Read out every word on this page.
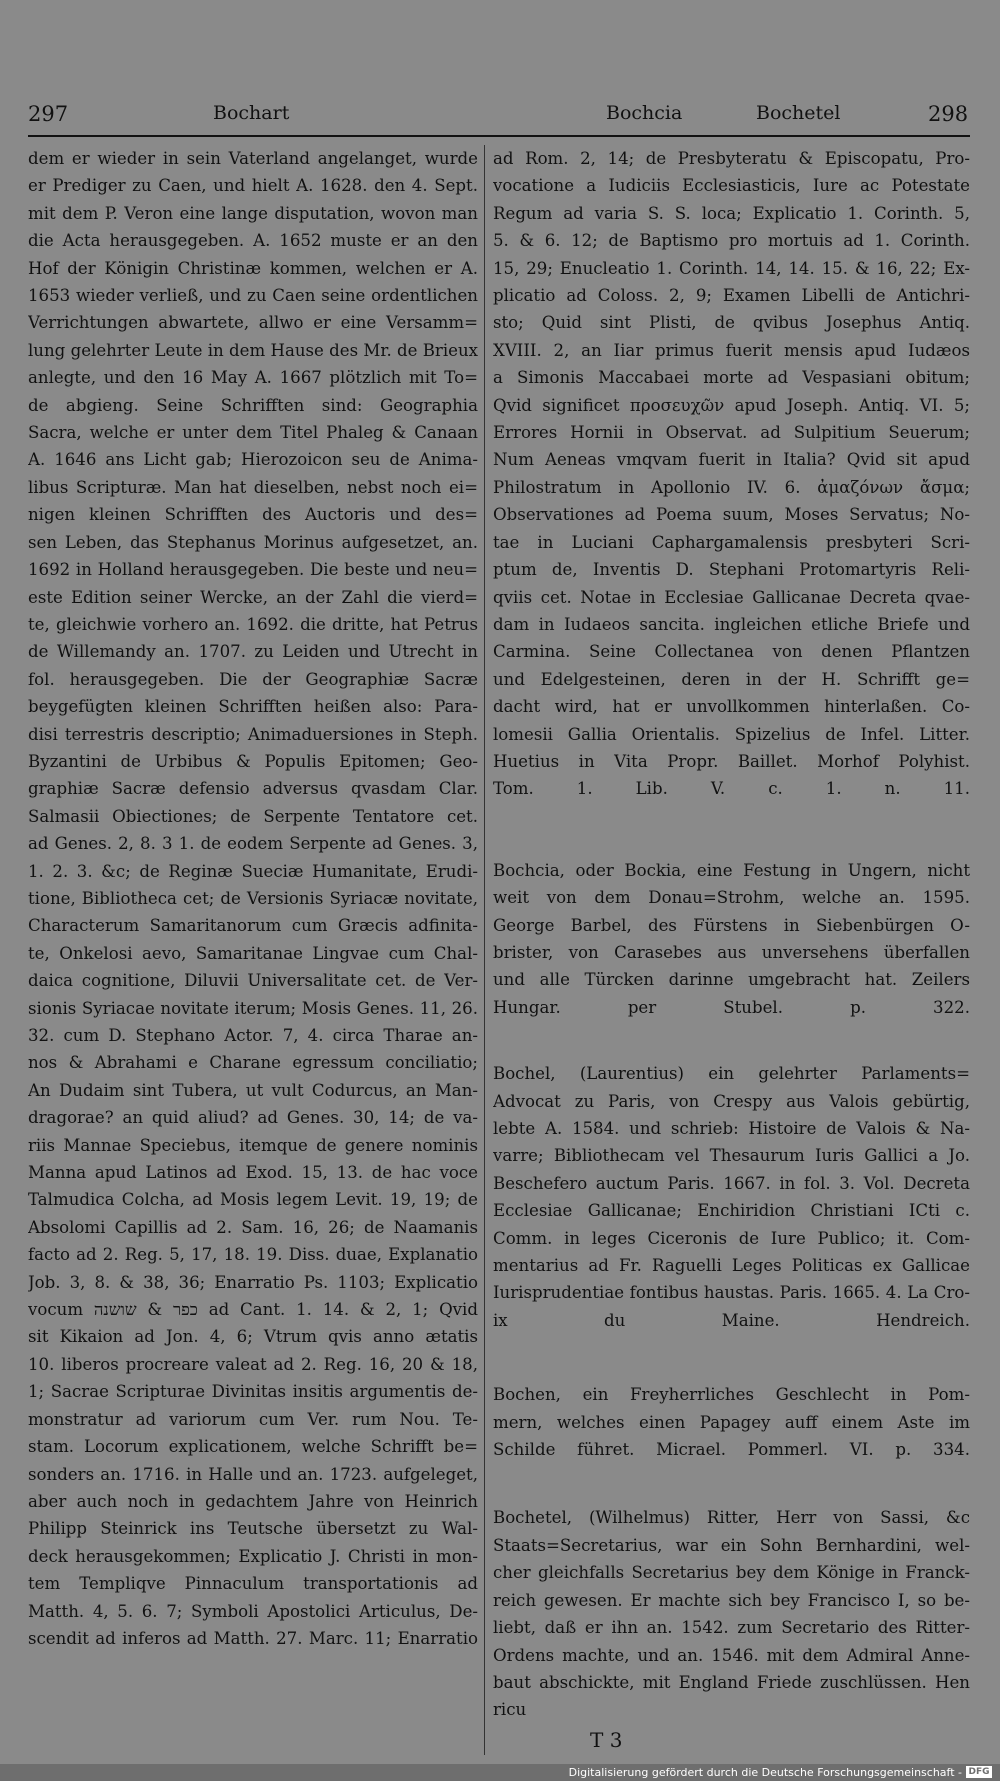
297	Bochart	Bochcia	Bochetel	298
dem er wieder in sein Vaterland angelanget, wurde
er Prediger zu Caen, und hielt A. 1628. den 4. Sept.
mit dem P. Veron eine lange disputation, wovon man
die Acta herausgegeben. A. 1652 muste er an den
Hof der Königin Christinæ kommen, welchen er A.
1653 wieder verließ, und zu Caen seine ordentlichen
Verrichtungen abwartete, allwo er eine Versamm=
lung gelehrter Leute in dem Hause des Mr. de Brieux
anlegte, und den 16 May A. 1667 plötzlich mit To=
de abgieng. Seine Schrifften sind: Geographia
Sacra, welche er unter dem Titel Phaleg & Canaan
A. 1646 ans Licht gab; Hierozoicon seu de Anima-
libus Scripturæ. Man hat dieselben, nebst noch ei=
nigen kleinen Schrifften des Auctoris und des=
sen Leben, das Stephanus Morinus aufgesetzet, an.
1692 in Holland herausgegeben. Die beste und neu=
este Edition seiner Wercke, an der Zahl die vierd=
te, gleichwie vorhero an. 1692. die dritte, hat Petrus
de Willemandy an. 1707. zu Leiden und Utrecht in
fol. herausgegeben. Die der Geographiæ Sacræ
beygefügten kleinen Schrifften heißen also: Para-
disi terrestris descriptio; Animaduersiones in Steph.
Byzantini de Urbibus & Populis Epitomen; Geo-
graphiæ Sacræ defensio adversus qvasdam Clar.
Salmasii Obiectiones; de Serpente Tentatore cet.
ad Genes. 2, 8. 3 1. de eodem Serpente ad Genes. 3,
1. 2. 3. &c; de Reginæ Sueciæ Humanitate, Erudi-
tione, Bibliotheca cet; de Versionis Syriacæ novitate,
Characterum Samaritanorum cum Græcis adfinita-
te, Onkelosi aevo, Samaritanae Lingvae cum Chal-
daica cognitione, Diluvii Universalitate cet. de Ver-
sionis Syriacae novitate iterum; Mosis Genes. 11, 26.
32. cum D. Stephano Actor. 7, 4. circa Tharae an-
nos & Abrahami e Charane egressum conciliatio;
An Dudaim sint Tubera, ut vult Codurcus, an Man-
dragorae? an quid aliud? ad Genes. 30, 14; de va-
riis Mannae Speciebus, itemque de genere nominis
Manna apud Latinos ad Exod. 15, 13. de hac voce
Talmudica Colcha, ad Mosis legem Levit. 19, 19; de
Absolomi Capillis ad 2. Sam. 16, 26; de Naamanis
facto ad 2. Reg. 5, 17, 18. 19. Diss. duae, Explanatio
Job. 3, 8. & 38, 36; Enarratio Ps. 1103; Explicatio
vocum כפר & שושנה ad Cant. 1. 14. & 2, 1; Qvid
sit Kikaion ad Jon. 4, 6; Vtrum qvis anno ætatis
10. liberos procreare valeat ad 2. Reg. 16, 20 & 18,
1; Sacrae Scripturae Divinitas insitis argumentis de-
monstratur ad variorum cum Ver. rum Nou. Te-
stam. Locorum explicationem, welche Schrifft be=
sonders an. 1716. in Halle und an. 1723. aufgeleget,
aber auch noch in gedachtem Jahre von Heinrich
Philipp Steinrick ins Teutsche übersetzt zu Wal-
deck herausgekommen; Explicatio J. Christi in mon-
tem Templiqve Pinnaculum transportationis ad
Matth. 4, 5. 6. 7; Symboli Apostolici Articulus, De-
scendit ad inferos ad Matth. 27. Marc. 11; Enarratio
ad Rom. 2, 14; de Presbyteratu & Episcopatu, Pro-
vocatione a Iudiciis Ecclesiasticis, Iure ac Potestate
Regum ad varia S. S. loca; Explicatio 1. Corinth. 5,
5. & 6. 12; de Baptismo pro mortuis ad 1. Corinth.
15, 29; Enucleatio 1. Corinth. 14, 14. 15. & 16, 22; Ex-
plicatio ad Coloss. 2, 9; Examen Libelli de Antichri-
sto; Quid sint Plisti, de qvibus Josephus Antiq.
XVIII. 2, an Iiar primus fuerit mensis apud Iudæos
a Simonis Maccabaei morte ad Vespasiani obitum;
Qvid significet προσευχῶν apud Joseph. Antiq. VI. 5;
Errores Hornii in Observat. ad Sulpitium Seuerum;
Num Aeneas vmqvam fuerit in Italia? Qvid sit apud
Philostratum in Apollonio IV. 6. ἀμαζόνων ἄσμα;
Observationes ad Poema suum, Moses Servatus; No-
tae in Luciani Caphargamalensis presbyteri Scri-
ptum de, Inventis D. Stephani Protomartyris Reli-
qviis cet. Notae in Ecclesiae Gallicanae Decreta qvae-
dam in Iudaeos sancita. ingleichen etliche Briefe und
Carmina. Seine Collectanea von denen Pflantzen
und Edelgesteinen, deren in der H. Schrifft ge=
dacht wird, hat er unvollkommen hinterlaßen. Co-
lomesii Gallia Orientalis. Spizelius de Infel. Litter.
Huetius in Vita Propr. Baillet. Morhof Polyhist.
Tom. 1. Lib. V. c. 1. n. 11.
Bochcia, oder Bockia, eine Festung in Ungern, nicht
weit von dem Donau=Strohm, welche an. 1595.
George Barbel, des Fürstens in Siebenbürgen O-
brister, von Carasebes aus unversehens überfallen
und alle Türcken darinne umgebracht hat. Zeilers
Hungar. per Stubel. p. 322.
Bochel, (Laurentius) ein gelehrter Parlaments=
Advocat zu Paris, von Crespy aus Valois gebürtig,
lebte A. 1584. und schrieb: Histoire de Valois & Na-
varre; Bibliothecam vel Thesaurum Iuris Gallici a Jo.
Beschefero auctum Paris. 1667. in fol. 3. Vol. Decreta
Ecclesiae Gallicanae; Enchiridion Christiani ICti c.
Comm. in leges Ciceronis de Iure Publico; it. Com-
mentarius ad Fr. Raguelli Leges Politicas ex Gallicae
Iurisprudentiae fontibus haustas. Paris. 1665. 4. La Cro-
ix du Maine. Hendreich.
Bochen, ein Freyherrliches Geschlecht in Pom-
mern, welches einen Papagey auff einem Aste im
Schilde führet. Micrael. Pommerl. VI. p. 334.
Bochetel, (Wilhelmus) Ritter, Herr von Sassi, &c
Staats=Secretarius, war ein Sohn Bernhardini, wel-
cher gleichfalls Secretarius bey dem Könige in Franck-
reich gewesen. Er machte sich bey Francisco I, so be-
liebt, daß er ihn an. 1542. zum Secretario des Ritter-
Ordens machte, und an. 1546. mit dem Admiral Anne-
baut abschickte, mit England Friede zuschlüssen. Hen
ricu
T 3
Digitalisierung gefördert durch die Deutsche Forschungsgemeinschaft - DFG
